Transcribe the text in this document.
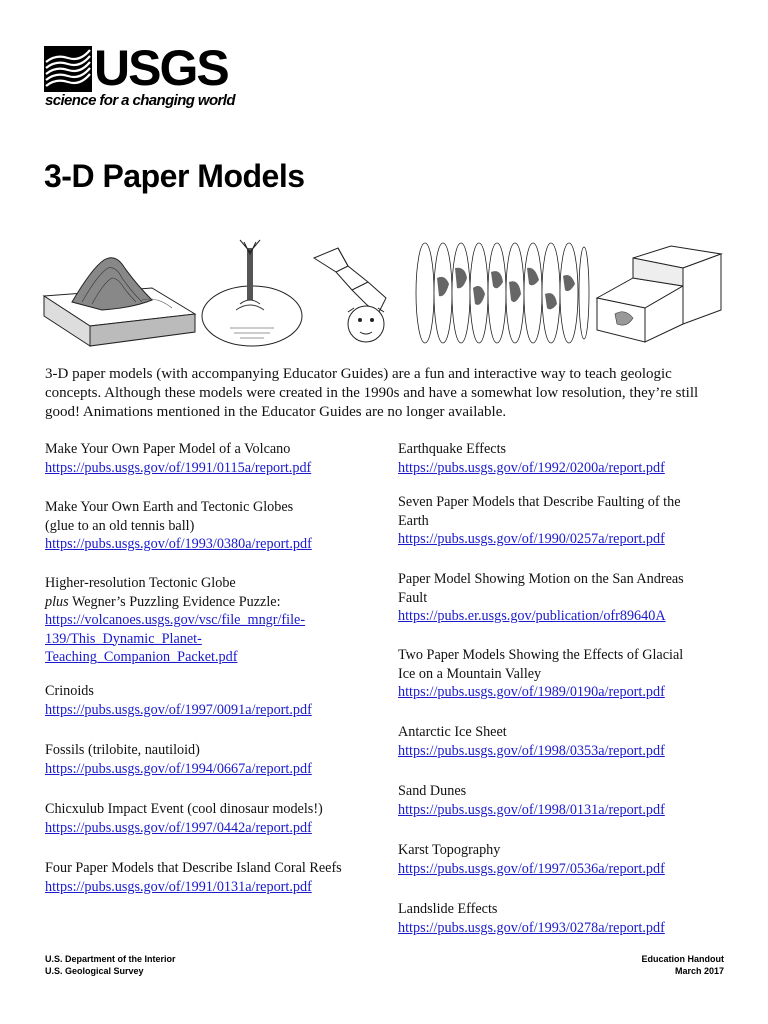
USGS
science for a changing world
3-D Paper Models

3-D paper models (with accompanying Educator Guides) are a fun and interactive way to teach geologic concepts. Although these models were created in the 1990s and have a somewhat low resolution, they’re still good! Animations mentioned in the Educator Guides are no longer available.

Make Your Own Paper Model of a Volcano
https://pubs.usgs.gov/of/1991/0115a/report.pdf
Make Your Own Earth and Tectonic Globes
(glue to an old tennis ball)
https://pubs.usgs.gov/of/1993/0380a/report.pdf
Higher-resolution Tectonic Globe
plus Wegner’s Puzzling Evidence Puzzle:
https://volcanoes.usgs.gov/vsc/file_mngr/file-
139/This_Dynamic_Planet-
Teaching_Companion_Packet.pdf
Crinoids
https://pubs.usgs.gov/of/1997/0091a/report.pdf
Fossils (trilobite, nautiloid)
https://pubs.usgs.gov/of/1994/0667a/report.pdf
Chicxulub Impact Event (cool dinosaur models!)
https://pubs.usgs.gov/of/1997/0442a/report.pdf
Four Paper Models that Describe Island Coral Reefs
https://pubs.usgs.gov/of/1991/0131a/report.pdf
Earthquake Effects
https://pubs.usgs.gov/of/1992/0200a/report.pdf
Seven Paper Models that Describe Faulting of the
Earth
https://pubs.usgs.gov/of/1990/0257a/report.pdf
Paper Model Showing Motion on the San Andreas
Fault
https://pubs.er.usgs.gov/publication/ofr89640A
Two Paper Models Showing the Effects of Glacial
Ice on a Mountain Valley
https://pubs.usgs.gov/of/1989/0190a/report.pdf
Antarctic Ice Sheet
https://pubs.usgs.gov/of/1998/0353a/report.pdf
Sand Dunes
https://pubs.usgs.gov/of/1998/0131a/report.pdf
Karst Topography
https://pubs.usgs.gov/of/1997/0536a/report.pdf
Landslide Effects
https://pubs.usgs.gov/of/1993/0278a/report.pdf
U.S. Department of the Interior
U.S. Geological Survey
Education Handout
March 2017
